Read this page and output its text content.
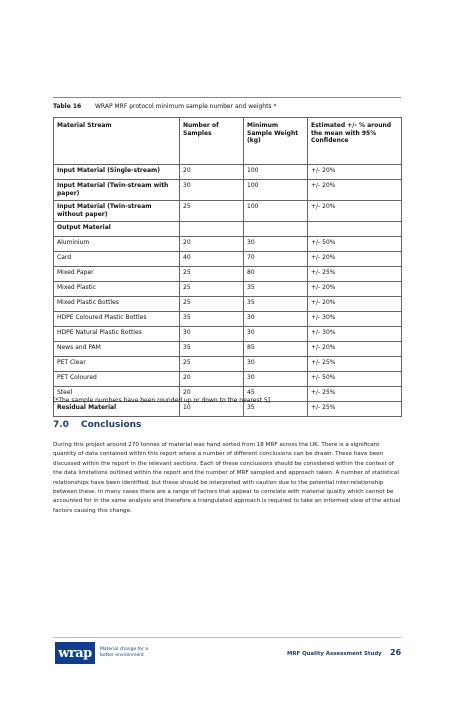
Table 16 WRAP MRF protocol minimum sample number and weights *
Material Stream	Number of Samples	Minimum Sample Weight (kg)	Estimated +/- % around the mean with 95% Confidence
Input Material (Single-stream)	20	100	+/- 20%
Input Material (Twin-stream with paper)	30	100	+/- 20%
Input Material (Twin-stream without paper)	25	100	+/- 20%
Output Material			
Aluminium	20	30	+/- 50%
Card	40	70	+/- 20%
Mixed Paper	25	80	+/- 25%
Mixed Plastic	25	35	+/- 20%
Mixed Plastic Bottles	25	35	+/- 20%
HDPE Coloured Plastic Bottles	35	30	+/- 30%
HDPE Natural Plastic Bottles	30	30	+/- 30%
News and PAM	35	85	+/- 20%
PET Clear	25	30	+/- 25%
PET Coloured	20	30	+/- 50%
Steel	20	45	+/- 25%
Residual Material	10	35	+/- 25%
[*The sample numbers have been rounded up or down to the nearest 5]
7.0 Conclusions
During this project around 270 tonnes of material was hand sorted from 18 MRF across the UK. There is a significant quantity of data contained within this report where a number of different conclusions can be drawn. These have been discussed within the report in the relevant sections. Each of these conclusions should be considered within the context of the data limitations outlined within the report and the number of MRF sampled and approach taken. A number of statistical relationships have been identified, but these should be interpreted with caution due to the potential inter-relationship between these. In many cases there are a range of factors that appear to correlate with material quality which cannot be accounted for in the same analysis and therefore a triangulated approach is required to take an informed view of the actual factors causing this change.
wrap	Material change for a better environment	MRF Quality Assessment Study 26
